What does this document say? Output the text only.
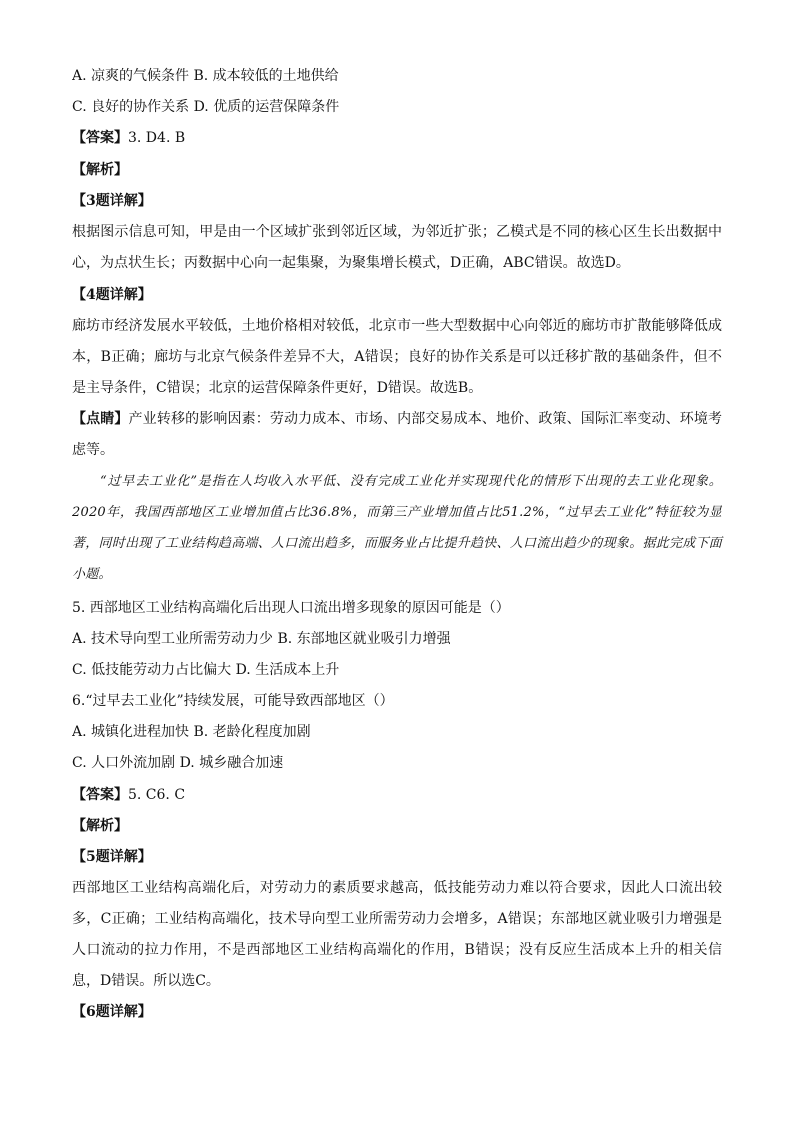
A. 凉爽的气候条件 B. 成本较低的土地供给
C. 良好的协作关系 D. 优质的运营保障条件
【答案】3. D4. B
【解析】
【3题详解】
根据图示信息可知，甲是由一个区域扩张到邻近区域，为邻近扩张；乙模式是不同的核心区生长出数据中心，为点状生长；丙数据中心向一起集聚，为聚集增长模式，D正确，ABC错误。故选D。
【4题详解】
廊坊市经济发展水平较低，土地价格相对较低，北京市一些大型数据中心向邻近的廊坊市扩散能够降低成本，B正确；廊坊与北京气候条件差异不大，A错误；良好的协作关系是可以迁移扩散的基础条件，但不是主导条件，C错误；北京的运营保障条件更好，D错误。故选B。
【点睛】产业转移的影响因素：劳动力成本、市场、内部交易成本、地价、政策、国际汇率变动、环境考虑等。
“过早去工业化”是指在人均收入水平低、没有完成工业化并实现现代化的情形下出现的去工业化现象。2020年，我国西部地区工业增加值占比36.8%，而第三产业增加值占比51.2%，“过早去工业化”特征较为显著，同时出现了工业结构趋高端、人口流出趋多，而服务业占比提升趋快、人口流出趋少的现象。据此完成下面小题。
5. 西部地区工业结构高端化后出现人口流出增多现象的原因可能是（）
A. 技术导向型工业所需劳动力少 B. 东部地区就业吸引力增强
C. 低技能劳动力占比偏大 D. 生活成本上升
6.“过早去工业化”持续发展，可能导致西部地区（）
A. 城镇化进程加快 B. 老龄化程度加剧
C. 人口外流加剧 D. 城乡融合加速
【答案】5. C6. C
【解析】
【5题详解】
西部地区工业结构高端化后，对劳动力的素质要求越高，低技能劳动力难以符合要求，因此人口流出较多，C正确；工业结构高端化，技术导向型工业所需劳动力会增多，A错误；东部地区就业吸引力增强是人口流动的拉力作用，不是西部地区工业结构高端化的作用，B错误；没有反应生活成本上升的相关信息，D错误。所以选C。
【6题详解】
